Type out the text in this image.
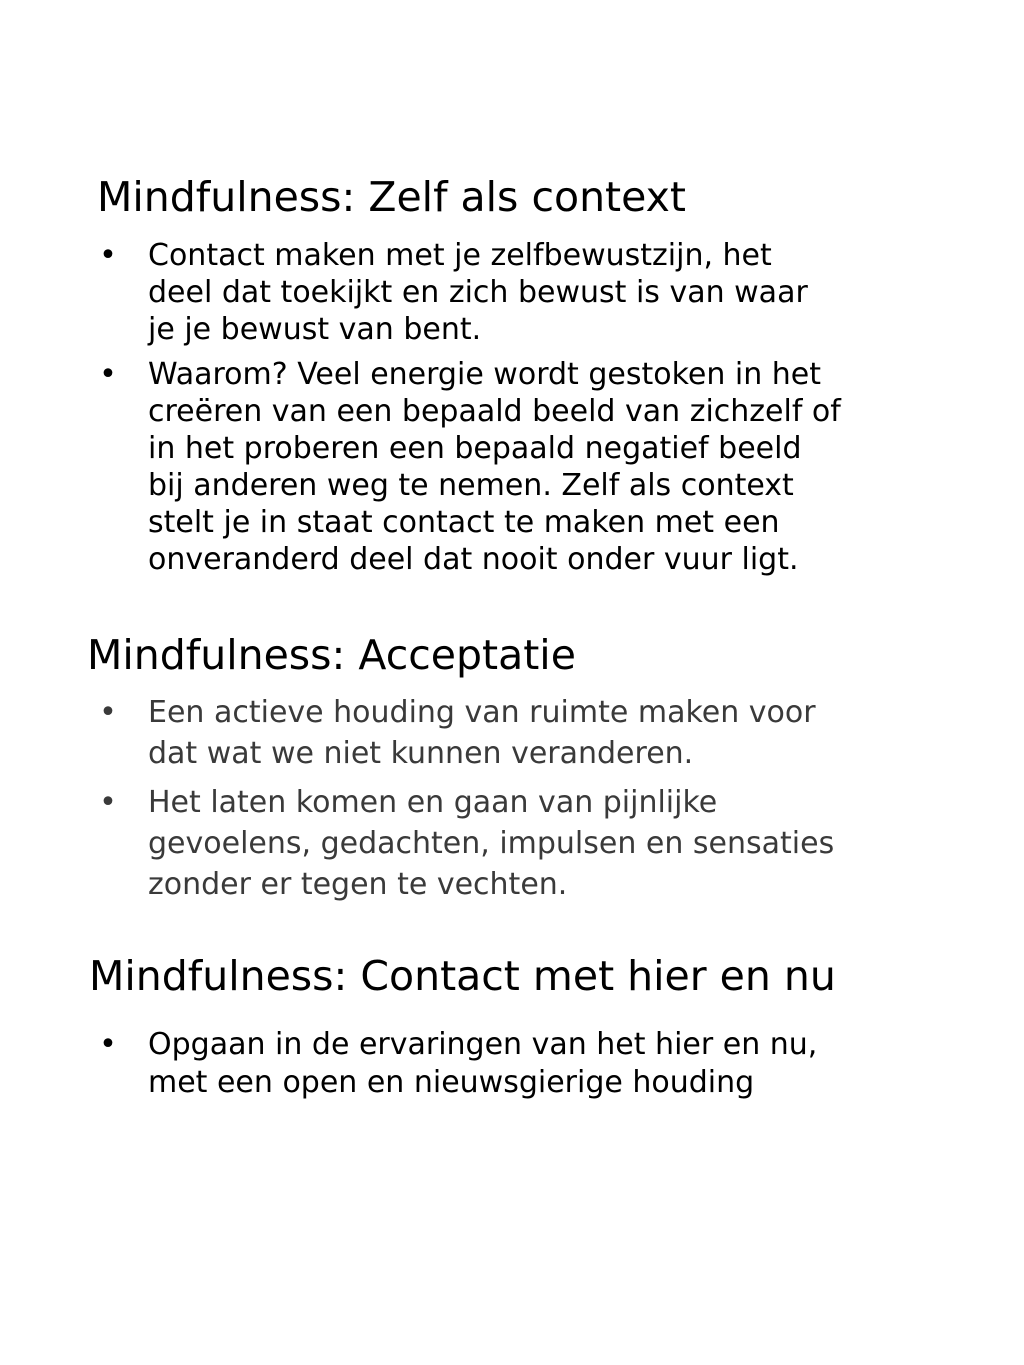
Mindfulness: Zelf als context
• Contact maken met je zelfbewustzijn, het
deel dat toekijkt en zich bewust is van waar
je je bewust van bent.
• Waarom? Veel energie wordt gestoken in het
creëren van een bepaald beeld van zichzelf of
in het proberen een bepaald negatief beeld
bij anderen weg te nemen. Zelf als context
stelt je in staat contact te maken met een
onveranderd deel dat nooit onder vuur ligt.
Mindfulness: Acceptatie
• Een actieve houding van ruimte maken voor
dat wat we niet kunnen veranderen.
• Het laten komen en gaan van pijnlijke
gevoelens, gedachten, impulsen en sensaties
zonder er tegen te vechten.
Mindfulness: Contact met hier en nu
• Opgaan in de ervaringen van het hier en nu,
met een open en nieuwsgierige houding
